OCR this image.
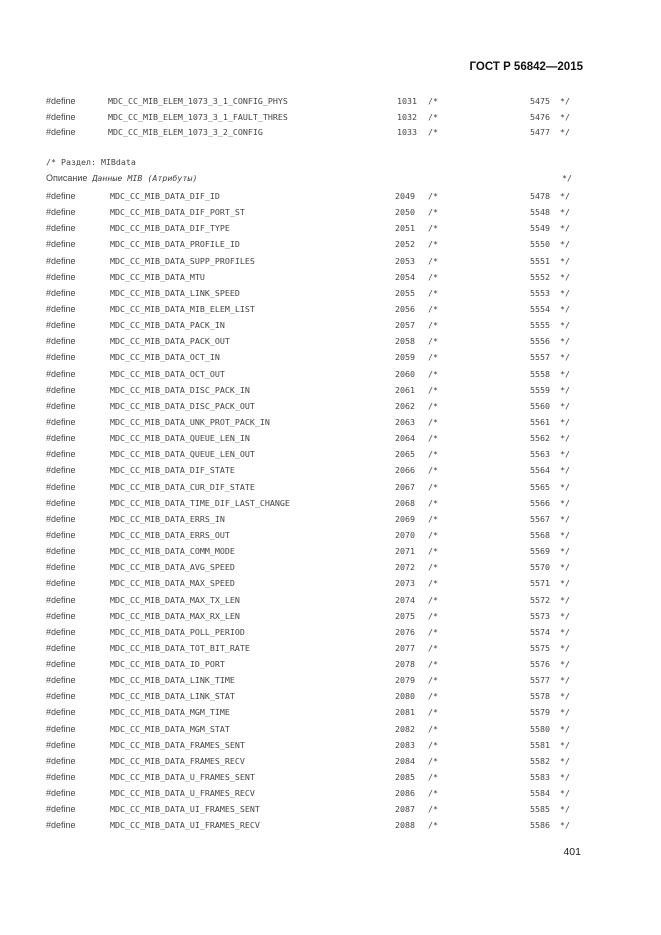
ГОСТ Р 56842—2015
#define	MDC_CC_MIB_ELEM_1073_3_1_CONFIG_PHYS	1031 /*	5475 */
#define	MDC_CC_MIB_ELEM_1073_3_1_FAULT_THRES	1032 /*	5476 */
#define	MDC_CC_MIB_ELEM_1073_3_2_CONFIG	1033 /*	5477 */
/* Раздел: MIBdata
Описание Данные MIB (Атрибуты)	*/
#define	MDC_CC_MIB_DATA_DIF_ID	2049 /*	5478 */
#define	MDC_CC_MIB_DATA_DIF_PORT_ST	2050 /*	5548 */
#define	MDC_CC_MIB_DATA_DIF_TYPE	2051 /*	5549 */
#define	MDC_CC_MIB_DATA_PROFILE_ID	2052 /*	5550 */
#define	MDC_CC_MIB_DATA_SUPP_PROFILES	2053 /*	5551 */
#define	MDC_CC_MIB_DATA_MTU	2054 /*	5552 */
#define	MDC_CC_MIB_DATA_LINK_SPEED	2055 /*	5553 */
#define	MDC_CC_MIB_DATA_MIB_ELEM_LIST	2056 /*	5554 */
#define	MDC_CC_MIB_DATA_PACK_IN	2057 /*	5555 */
#define	MDC_CC_MIB_DATA_PACK_OUT	2058 /*	5556 */
#define	MDC_CC_MIB_DATA_OCT_IN	2059 /*	5557 */
#define	MDC_CC_MIB_DATA_OCT_OUT	2060 /*	5558 */
#define	MDC_CC_MIB_DATA_DISC_PACK_IN	2061 /*	5559 */
#define	MDC_CC_MIB_DATA_DISC_PACK_OUT	2062 /*	5560 */
#define	MDC_CC_MIB_DATA_UNK_PROT_PACK_IN	2063 /*	5561 */
#define	MDC_CC_MIB_DATA_QUEUE_LEN_IN	2064 /*	5562 */
#define	MDC_CC_MIB_DATA_QUEUE_LEN_OUT	2065 /*	5563 */
#define	MDC_CC_MIB_DATA_DIF_STATE	2066 /*	5564 */
#define	MDC_CC_MIB_DATA_CUR_DIF_STATE	2067 /*	5565 */
#define	MDC_CC_MIB_DATA_TIME_DIF_LAST_CHANGE	2068 /*	5566 */
#define	MDC_CC_MIB_DATA_ERRS_IN	2069 /*	5567 */
#define	MDC_CC_MIB_DATA_ERRS_OUT	2070 /*	5568 */
#define	MDC_CC_MIB_DATA_COMM_MODE	2071 /*	5569 */
#define	MDC_CC_MIB_DATA_AVG_SPEED	2072 /*	5570 */
#define	MDC_CC_MIB_DATA_MAX_SPEED	2073 /*	5571 */
#define	MDC_CC_MIB_DATA_MAX_TX_LEN	2074 /*	5572 */
#define	MDC_CC_MIB_DATA_MAX_RX_LEN	2075 /*	5573 */
#define	MDC_CC_MIB_DATA_POLL_PERIOD	2076 /*	5574 */
#define	MDC_CC_MIB_DATA_TOT_BIT_RATE	2077 /*	5575 */
#define	MDC_CC_MIB_DATA_ID_PORT	2078 /*	5576 */
#define	MDC_CC_MIB_DATA_LINK_TIME	2079 /*	5577 */
#define	MDC_CC_MIB_DATA_LINK_STAT	2080 /*	5578 */
#define	MDC_CC_MIB_DATA_MGM_TIME	2081 /*	5579 */
#define	MDC_CC_MIB_DATA_MGM_STAT	2082 /*	5580 */
#define	MDC_CC_MIB_DATA_FRAMES_SENT	2083 /*	5581 */
#define	MDC_CC_MIB_DATA_FRAMES_RECV	2084 /*	5582 */
#define	MDC_CC_MIB_DATA_U_FRAMES_SENT	2085 /*	5583 */
#define	MDC_CC_MIB_DATA_U_FRAMES_RECV	2086 /*	5584 */
#define	MDC_CC_MIB_DATA_UI_FRAMES_SENT	2087 /*	5585 */
#define	MDC_CC_MIB_DATA_UI_FRAMES_RECV	2088 /*	5586 */
401
